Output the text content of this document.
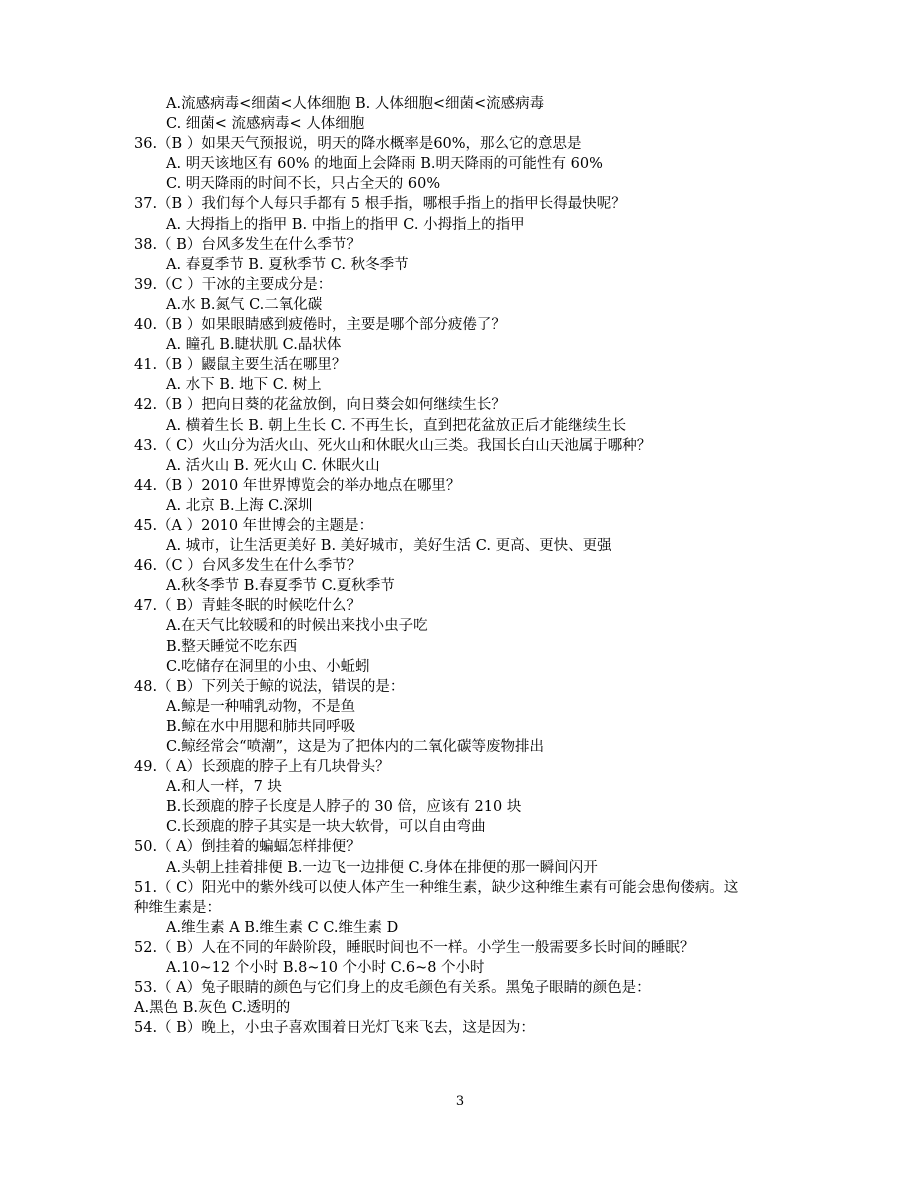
A.流感病毒<细菌<人体细胞 B. 人体细胞<细菌<流感病毒
C. 细菌< 流感病毒< 人体细胞
36.（B ）如果天气预报说，明天的降水概率是60%，那么它的意思是
A. 明天该地区有 60% 的地面上会降雨 B.明天降雨的可能性有 60%
C. 明天降雨的时间不长，只占全天的 60%
37.（B ）我们每个人每只手都有 5 根手指，哪根手指上的指甲长得最快呢？
A. 大拇指上的指甲 B. 中指上的指甲 C. 小拇指上的指甲
38.（ B）台风多发生在什么季节？
A. 春夏季节 B. 夏秋季节 C. 秋冬季节
39.（C ）干冰的主要成分是：
A.水 B.氮气 C.二氧化碳
40.（B ）如果眼睛感到疲倦时，主要是哪个部分疲倦了？
A. 瞳孔 B.睫状肌 C.晶状体
41.（B ）鼹鼠主要生活在哪里？
A. 水下 B. 地下 C. 树上
42.（B ）把向日葵的花盆放倒，向日葵会如何继续生长？
A. 横着生长 B. 朝上生长 C. 不再生长，直到把花盆放正后才能继续生长
43.（ C）火山分为活火山、死火山和休眠火山三类。我国长白山天池属于哪种？
A. 活火山 B. 死火山 C. 休眠火山
44.（B ）2010 年世界博览会的举办地点在哪里？
A. 北京 B.上海 C.深圳
45.（A ）2010 年世博会的主题是：
A. 城市，让生活更美好 B. 美好城市，美好生活 C. 更高、更快、更强
46.（C ）台风多发生在什么季节？
A.秋冬季节 B.春夏季节 C.夏秋季节
47.（ B）青蛙冬眠的时候吃什么？
A.在天气比较暖和的时候出来找小虫子吃
B.整天睡觉不吃东西
C.吃储存在洞里的小虫、小蚯蚓
48.（ B）下列关于鲸的说法，错误的是：
A.鲸是一种哺乳动物，不是鱼
B.鲸在水中用腮和肺共同呼吸
C.鲸经常会“喷潮”，这是为了把体内的二氧化碳等废物排出
49.（ A）长颈鹿的脖子上有几块骨头？
A.和人一样，7 块
B.长颈鹿的脖子长度是人脖子的 30 倍，应该有 210 块
C.长颈鹿的脖子其实是一块大软骨，可以自由弯曲
50.（ A）倒挂着的蝙蝠怎样排便？
A.头朝上挂着排便 B.一边飞一边排便 C.身体在排便的那一瞬间闪开
51.（ C）阳光中的紫外线可以使人体产生一种维生素，缺少这种维生素有可能会患佝偻病。这
种维生素是：
A.维生素 A B.维生素 C C.维生素 D
52.（ B）人在不同的年龄阶段，睡眠时间也不一样。小学生一般需要多长时间的睡眠？
A.10~12 个小时 B.8~10 个小时 C.6~8 个小时
53.（ A）兔子眼睛的颜色与它们身上的皮毛颜色有关系。黑兔子眼睛的颜色是：
A.黑色 B.灰色 C.透明的
54.（ B）晚上，小虫子喜欢围着日光灯飞来飞去，这是因为：
3
